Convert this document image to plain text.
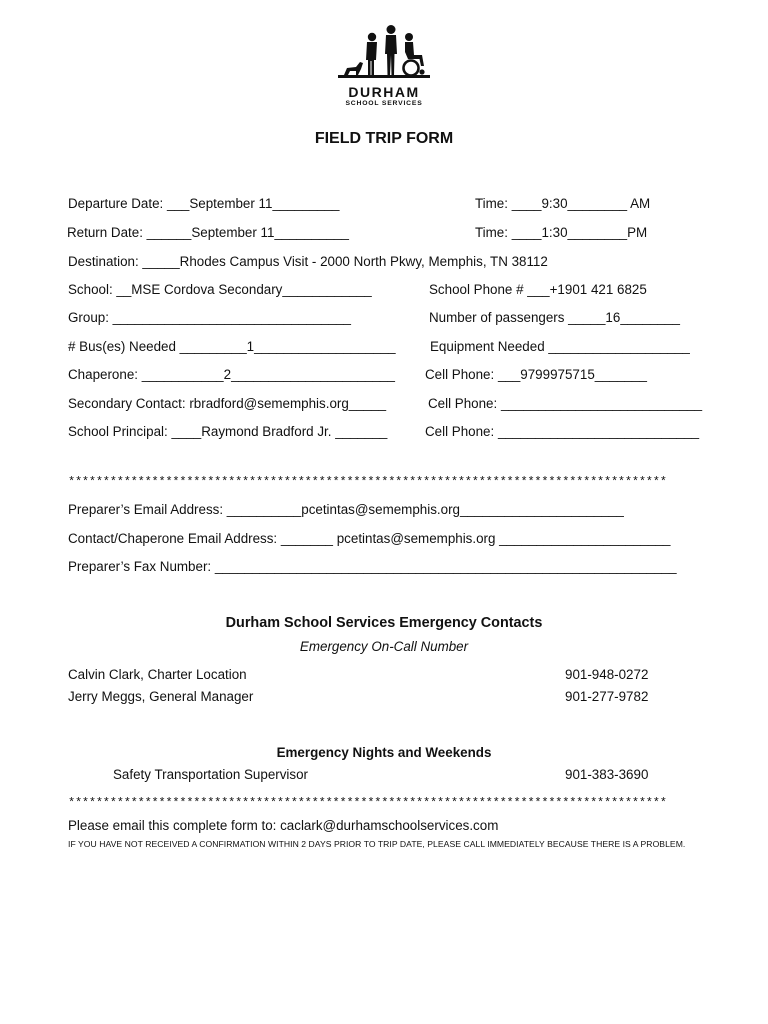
DURHAM
SCHOOL SERVICES
FIELD TRIP FORM
Departure Date: ___September 11_________	Time: ____9:30________ AM
Return Date: ______September 11__________	Time: ____1:30________PM
Destination: _____Rhodes Campus Visit - 2000 North Pkwy, Memphis, TN 38112
School: __MSE Cordova Secondary____________	School Phone # ___+1901 421 6825
Group: ________________________________	Number of passengers _____16________
# Bus(es) Needed _________1___________________	Equipment Needed ___________________
Chaperone: ___________2______________________ Cell Phone: ___9799975715_______
Secondary Contact: rbradford@sememphis.org_____	Cell Phone: ___________________________
School Principal: ____Raymond Bradford Jr. _______	Cell Phone: ___________________________
**************************************************************************************
Preparer’s Email Address: __________pcetintas@sememphis.org______________________
Contact/Chaperone Email Address: _______ pcetintas@sememphis.org _______________________
Preparer’s Fax Number: ______________________________________________________________
Durham School Services Emergency Contacts
Emergency On-Call Number
Calvin Clark, Charter Location	901-948-0272
Jerry Meggs, General Manager	901-277-9782
Emergency Nights and Weekends
Safety Transportation Supervisor	901-383-3690
**************************************************************************************
Please email this complete form to: caclark@durhamschoolservices.com
IF YOU HAVE NOT RECEIVED A CONFIRMATION WITHIN 2 DAYS PRIOR TO TRIP DATE, PLEASE CALL IMMEDIATELY BECAUSE THERE IS A PROBLEM.
